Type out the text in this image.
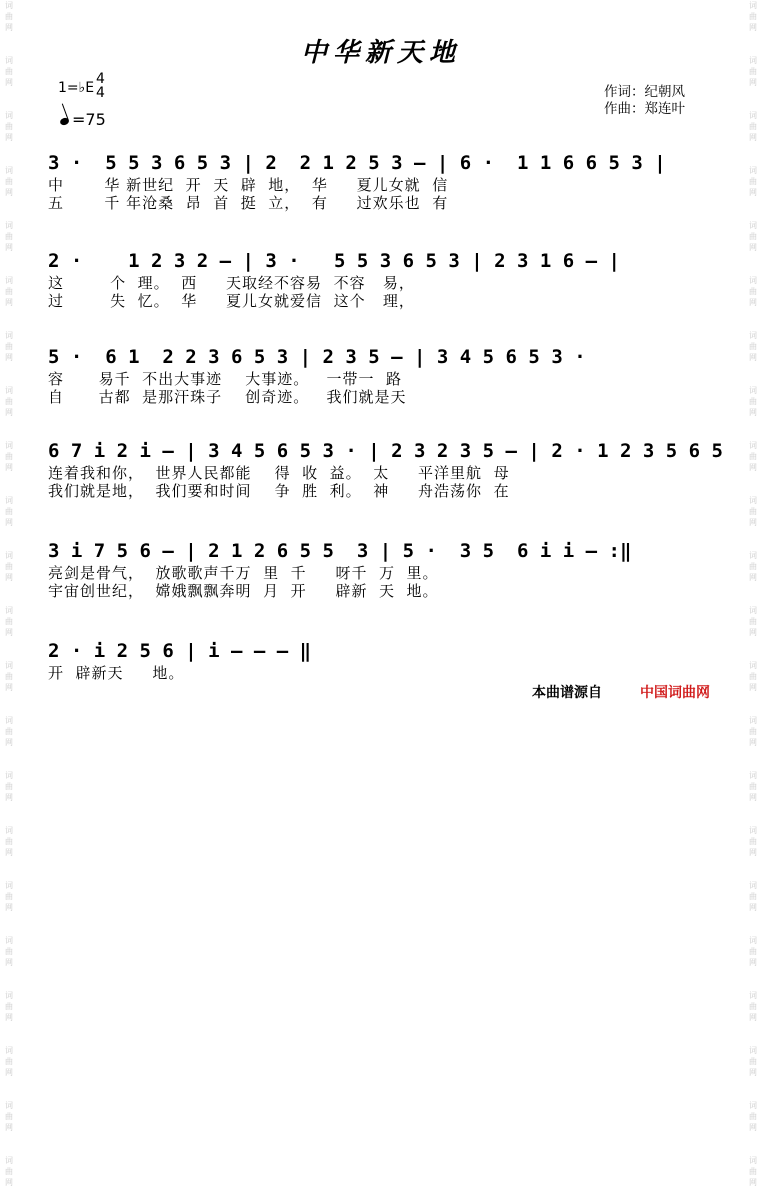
词
曲
网

词
曲
网

词
曲
网

词
曲
网

词
曲
网

词
曲
网

词
曲
网

词
曲
网

词
曲
网

词
曲
网

词
曲
网

词
曲
网

词
曲
网

词
曲
网

词
曲
网

词
曲
网

词
曲
网

词
曲
网

词
曲
网

词
曲
网

词
曲
网

词
曲
网

词
曲
网

词
曲
网

词
曲
网

词
曲
网

词
曲
网

词
曲
网

词
曲
网

词
曲
网

词
曲
网

词
曲
网

词
曲
网

词
曲
网

词
曲
网

词
曲
网

词
曲
网

词
曲
网

词
曲
网

词
曲
网

词
曲
网

词
曲
网

词
曲
网

词
曲
网

中华新天地
1=♭E
4
4
=75
作词：纪朝风
作曲：郑连叶
3 ·  5 5 3 6 5 3 | 2  2 1 2 5 3 – | 6 ·  1 1 6 6 5 3 |
中       华 新世纪  开  天  辟  地，  华     夏儿女就  信
五       千 年沧桑  昂  首  挺  立，  有     过欢乐也  有
2 ·    1 2 3 2 – | 3 ·   5 5 3 6 5 3 | 2 3 1 6 – |
这        个  理。  西     天取经不容易  不容   易，
过        失  忆。  华     夏儿女就爱信  这个   理，
5 ·  6 1  2 2 3 6 5 3 | 2 3 5 – | 3 4 5 6 5 3 ·
容      易千  不出大事迹    大事迹。   一带一  路
自      古都  是那汗珠子    创奇迹。   我们就是天
6 7 i 2 i – | 3 4 5 6 5 3 · | 2 3 2 3 5 – | 2 · 1 2 3 5 6 5
连着我和你，  世界人民都能    得  收  益。  太     平洋里航  母
我们就是地，  我们要和时间    争  胜  利。  神     舟浩荡你  在
3 i 7 5 6 – | 2 1 2 6 5 5  3 | 5 ·  3 5  6 i i – :‖
亮剑是骨气，  放歌歌声千万  里  千     呀千  万  里。
宇宙创世纪，  嫦娥飘飘奔明  月  开     辟新  天  地。
2 · i 2 5 6 | i – – – ‖
开  辟新天     地。
本曲谱源自	中国词曲网
